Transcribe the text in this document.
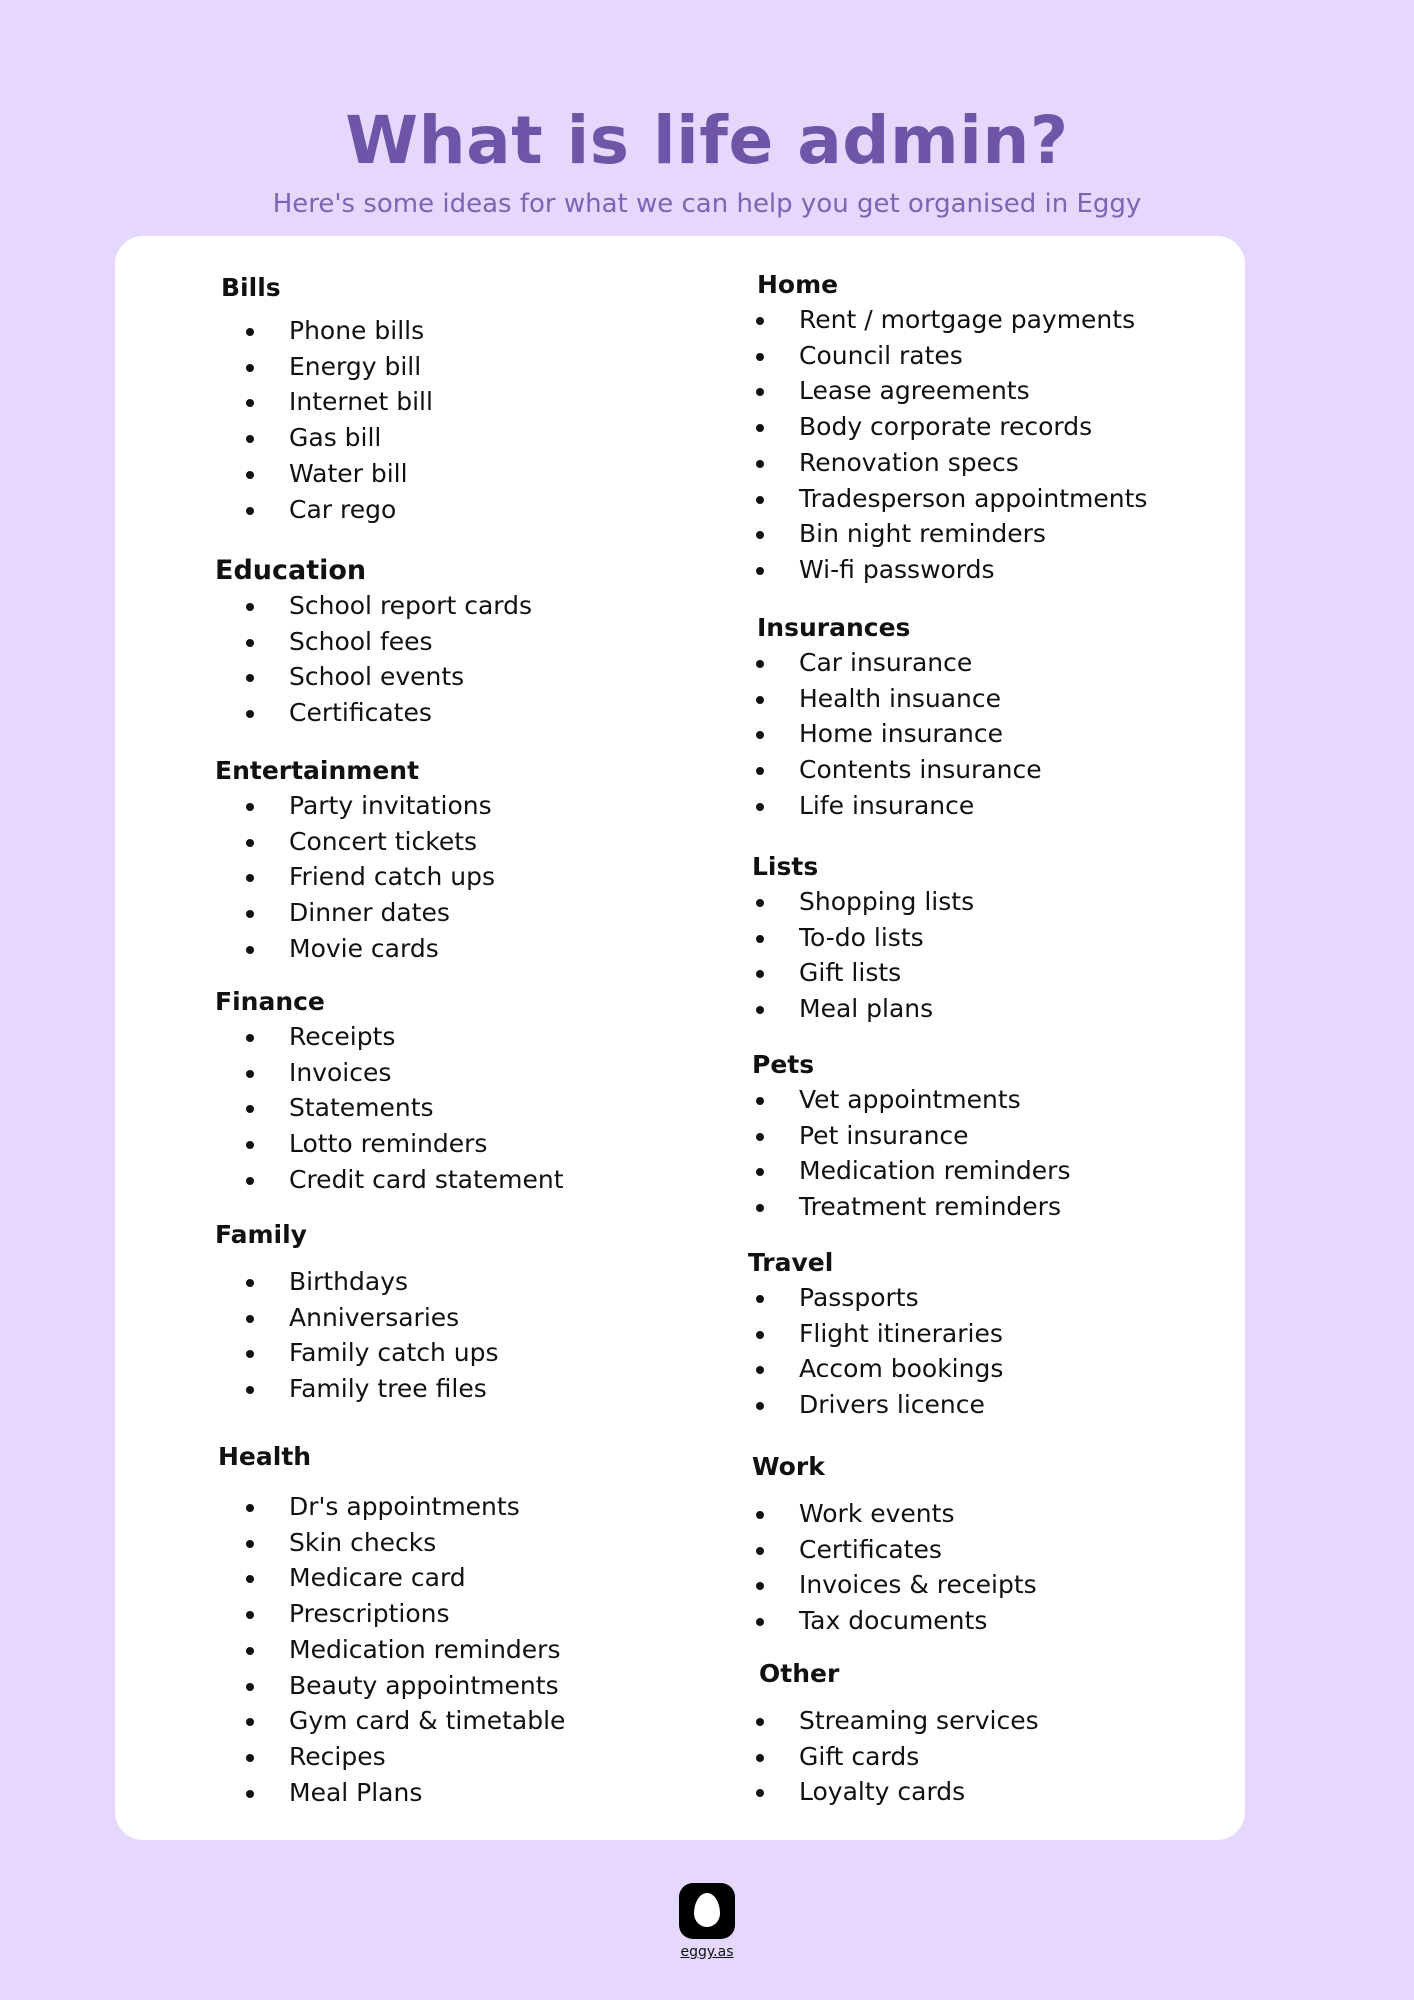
What is life admin?

Here's some ideas for what we can help you get organised in Eggy

Bills
Phone bills
Energy bill
Internet bill
Gas bill
Water bill
Car rego
Education
School report cards
School fees
School events
Certificates
Entertainment
Party invitations
Concert tickets
Friend catch ups
Dinner dates
Movie cards
Finance
Receipts
Invoices
Statements
Lotto reminders
Credit card statement
Family
Birthdays
Anniversaries
Family catch ups
Family tree files
Health
Dr's appointments
Skin checks
Medicare card
Prescriptions
Medication reminders
Beauty appointments
Gym card & timetable
Recipes
Meal Plans
Home
Rent / mortgage payments
Council rates
Lease agreements
Body corporate records
Renovation specs
Tradesperson appointments
Bin night reminders
Wi-fi passwords
Insurances
Car insurance
Health insuance
Home insurance
Contents insurance
Life insurance
Lists
Shopping lists
To-do lists
Gift lists
Meal plans
Pets
Vet appointments
Pet insurance
Medication reminders
Treatment reminders
Travel
Passports
Flight itineraries
Accom bookings
Drivers licence
Work
Work events
Certificates
Invoices & receipts
Tax documents
Other
Streaming services
Gift cards
Loyalty cards
eggy.as
